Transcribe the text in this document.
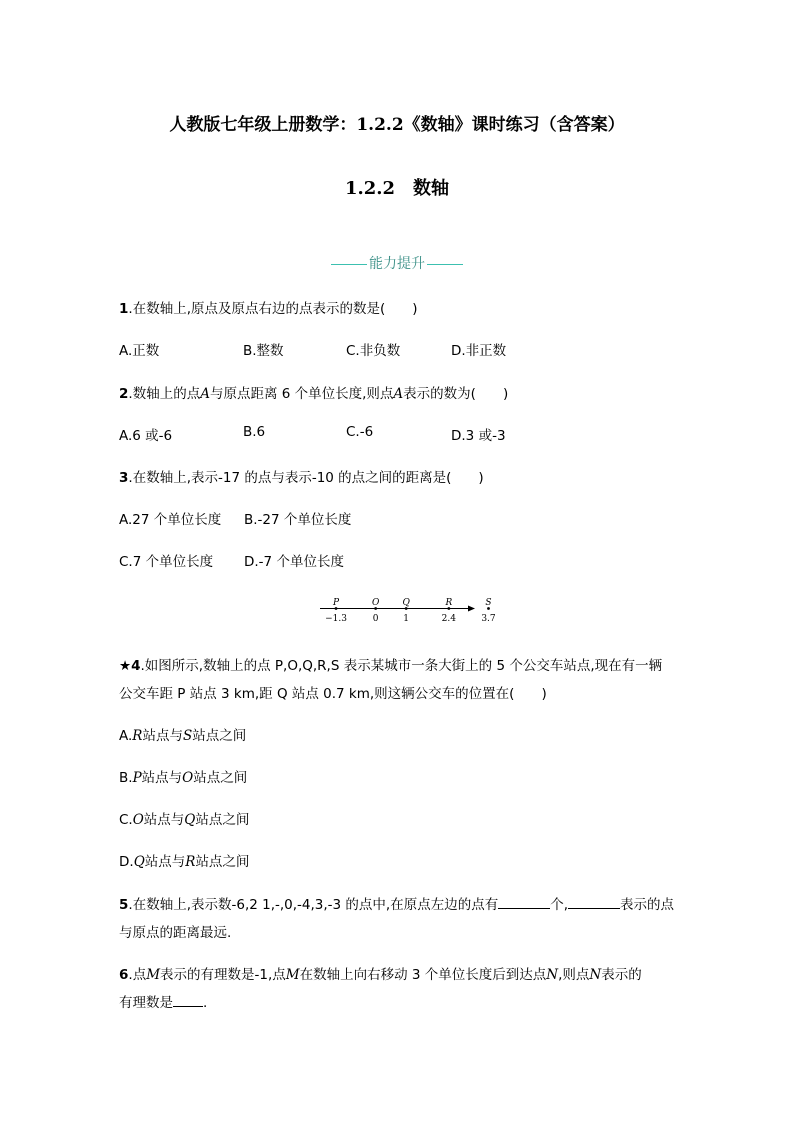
人教版七年级上册数学：1.2.2《数轴》课时练习（含答案）
1.2.2　数轴
能力提升
1.在数轴上,原点及原点右边的点表示的数是(　　)
A.正数	B.整数	C.非负数	D.非正数
2.数轴上的点A与原点距离 6 个单位长度,则点A表示的数为(　　)
A.6 或-6	B.6	C.-6	D.3 或-3
3.在数轴上,表示-17 的点与表示-10 的点之间的距离是(　　)
A.27 个单位长度 B.-27 个单位长度
C.7 个单位长度 D.-7 个单位长度
P
−1.3
O
0
Q
1
R
2.4
S
3.7
★4.如图所示,数轴上的点 P,O,Q,R,S 表示某城市一条大街上的 5 个公交车站点,现在有一辆
公交车距 P 站点 3 km,距 Q 站点 0.7 km,则这辆公交车的位置在(　　)
A.R站点与S站点之间
B.P站点与O站点之间
C.O站点与Q站点之间
D.Q站点与R站点之间
5.在数轴上,表示数-6,2 1,-,0,-4,3,-3 的点中,在原点左边的点有	个,	表示的点
与原点的距离最远.
6.点M表示的有理数是-1,点M在数轴上向右移动 3 个单位长度后到达点N,则点N表示的
有理数是 .
